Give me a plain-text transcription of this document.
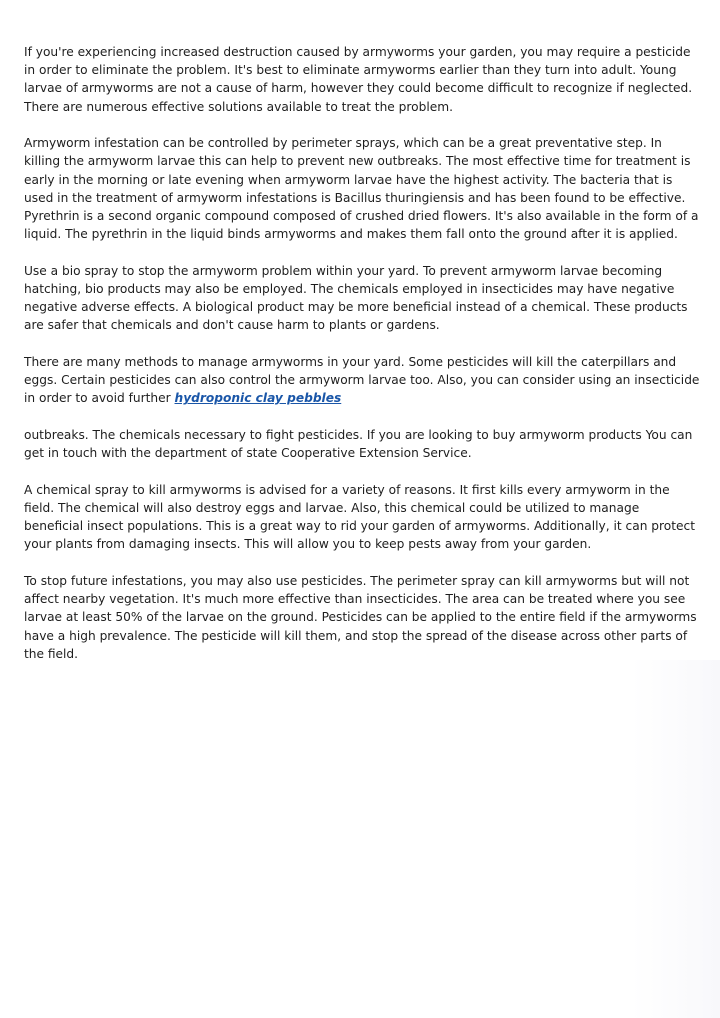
If you're experiencing increased destruction caused by armyworms your garden, you may require a pesticide in order to eliminate the problem. It's best to eliminate armyworms earlier than they turn into adult. Young larvae of armyworms are not a cause of harm, however they could become difficult to recognize if neglected. There are numerous effective solutions available to treat the problem.

Armyworm infestation can be controlled by perimeter sprays, which can be a great preventative step. In killing the armyworm larvae this can help to prevent new outbreaks. The most effective time for treatment is early in the morning or late evening when armyworm larvae have the highest activity. The bacteria that is used in the treatment of armyworm infestations is Bacillus thuringiensis and has been found to be effective. Pyrethrin is a second organic compound composed of crushed dried flowers. It's also available in the form of a liquid. The pyrethrin in the liquid binds armyworms and makes them fall onto the ground after it is applied.

Use a bio spray to stop the armyworm problem within your yard. To prevent armyworm larvae becoming hatching, bio products may also be employed. The chemicals employed in insecticides may have negative negative adverse effects. A biological product may be more beneficial instead of a chemical. These products are safer that chemicals and don't cause harm to plants or gardens.

There are many methods to manage armyworms in your yard. Some pesticides will kill the caterpillars and eggs. Certain pesticides can also control the armyworm larvae too. Also, you can consider using an insecticide in order to avoid further hydroponic clay pebbles

outbreaks. The chemicals necessary to fight pesticides. If you are looking to buy armyworm products You can get in touch with the department of state Cooperative Extension Service.

A chemical spray to kill armyworms is advised for a variety of reasons. It first kills every armyworm in the field. The chemical will also destroy eggs and larvae. Also, this chemical could be utilized to manage beneficial insect populations. This is a great way to rid your garden of armyworms. Additionally, it can protect your plants from damaging insects. This will allow you to keep pests away from your garden.

To stop future infestations, you may also use pesticides. The perimeter spray can kill armyworms but will not affect nearby vegetation. It's much more effective than insecticides. The area can be treated where you see larvae at least 50% of the larvae on the ground. Pesticides can be applied to the entire field if the armyworms have a high prevalence. The pesticide will kill them, and stop the spread of the disease across other parts of the field.
